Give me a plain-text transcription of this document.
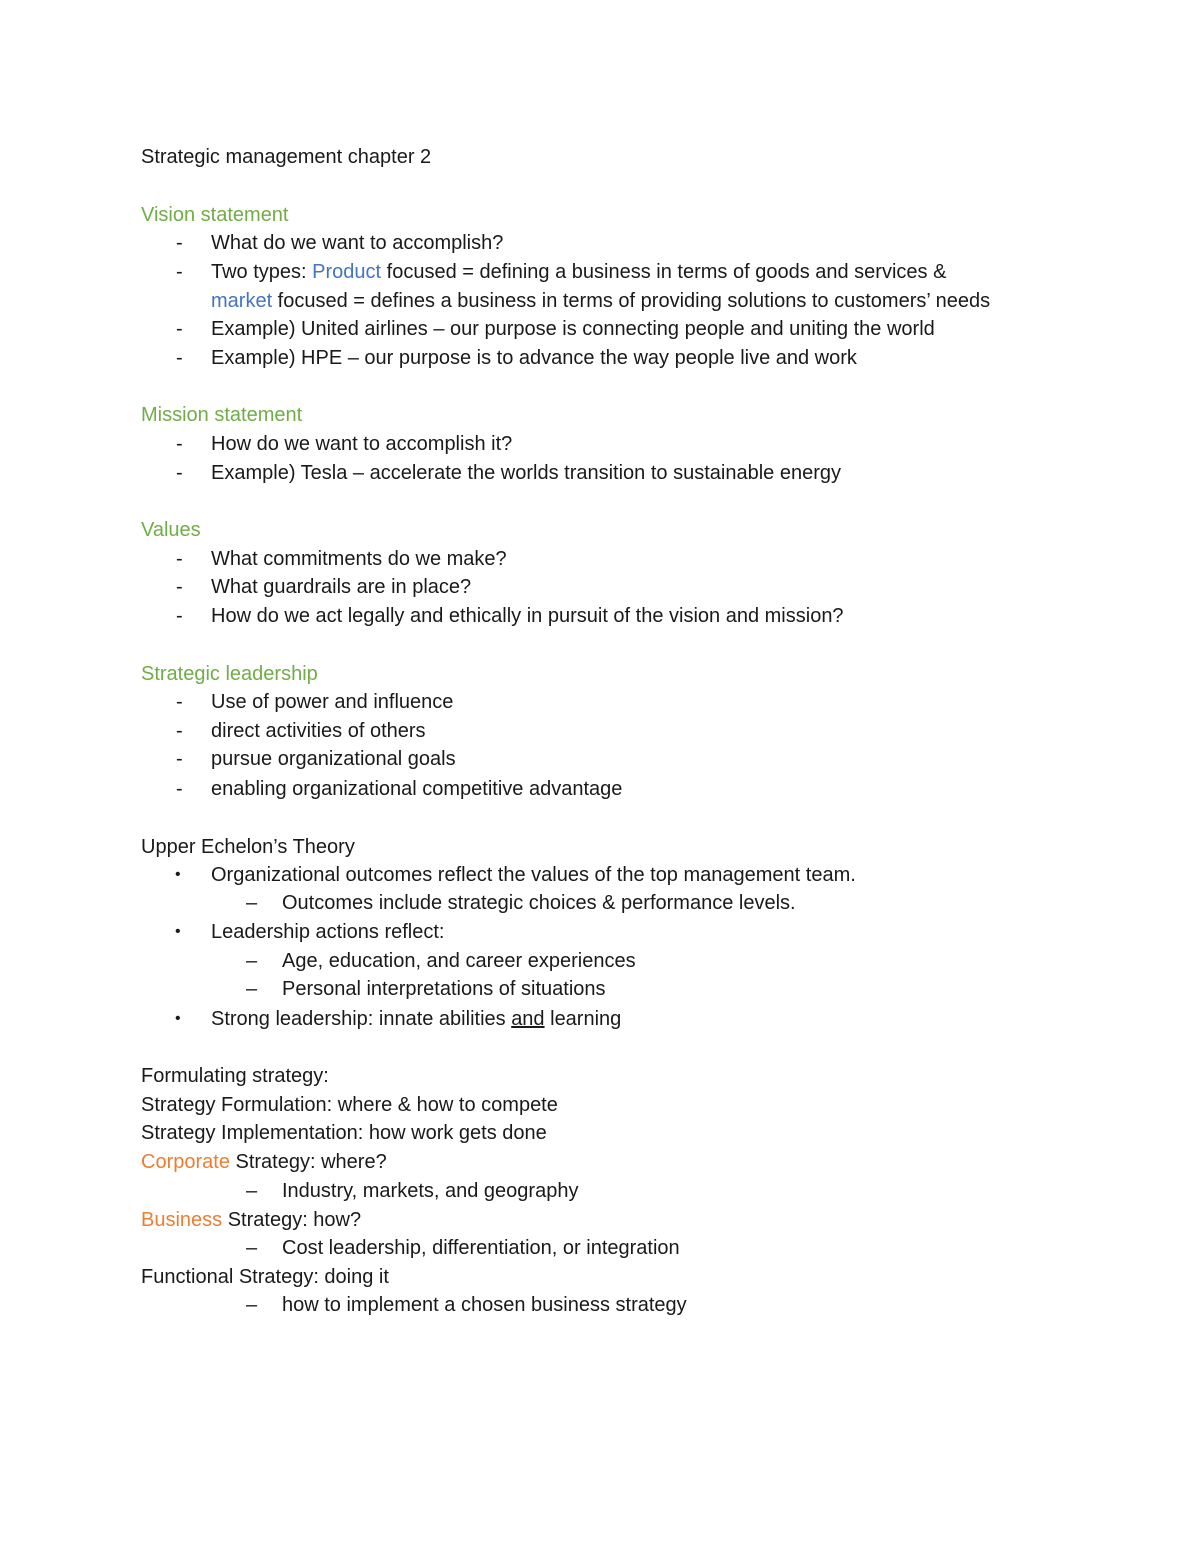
Strategic management chapter 2
Vision statement
- What do we want to accomplish?
- Two types: Product focused = defining a business in terms of goods and services &
market focused = defines a business in terms of providing solutions to customers’ needs
- Example) United airlines – our purpose is connecting people and uniting the world
- Example) HPE – our purpose is to advance the way people live and work
Mission statement
- How do we want to accomplish it?
- Example) Tesla – accelerate the worlds transition to sustainable energy
Values
- What commitments do we make?
- What guardrails are in place?
- How do we act legally and ethically in pursuit of the vision and mission?
Strategic leadership
- Use of power and influence
- direct activities of others
- pursue organizational goals
- enabling organizational competitive advantage
Upper Echelon’s Theory
• Organizational outcomes reflect the values of the top management team.
– Outcomes include strategic choices & performance levels.
• Leadership actions reflect:
– Age, education, and career experiences
– Personal interpretations of situations
• Strong leadership: innate abilities and learning
Formulating strategy:
Strategy Formulation: where & how to compete
Strategy Implementation: how work gets done
Corporate Strategy: where?
– Industry, markets, and geography
Business Strategy: how?
– Cost leadership, differentiation, or integration
Functional Strategy: doing it
– how to implement a chosen business strategy
